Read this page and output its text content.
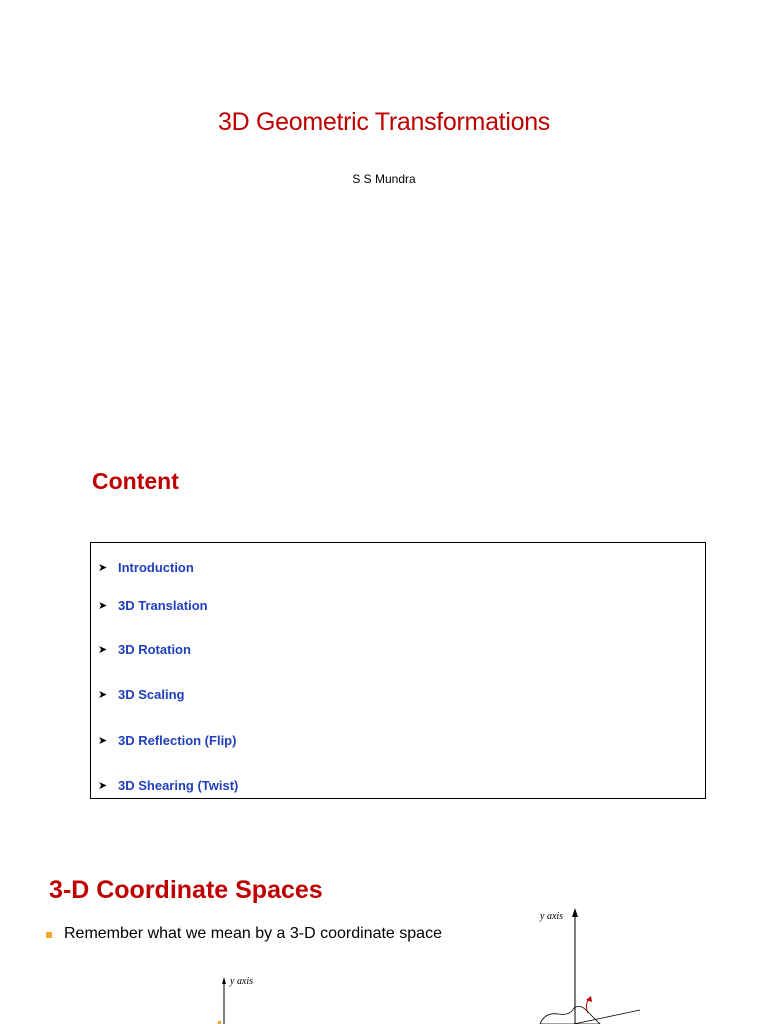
3D Geometric Transformations
S S Mundra
Content
➤ Introduction
➤ 3D Translation
➤ 3D Rotation
➤ 3D Scaling
➤ 3D Reflection (Flip)
➤ 3D Shearing (Twist)
3-D Coordinate Spaces
Remember what we mean by a 3-D coordinate space
y axis
y axis
